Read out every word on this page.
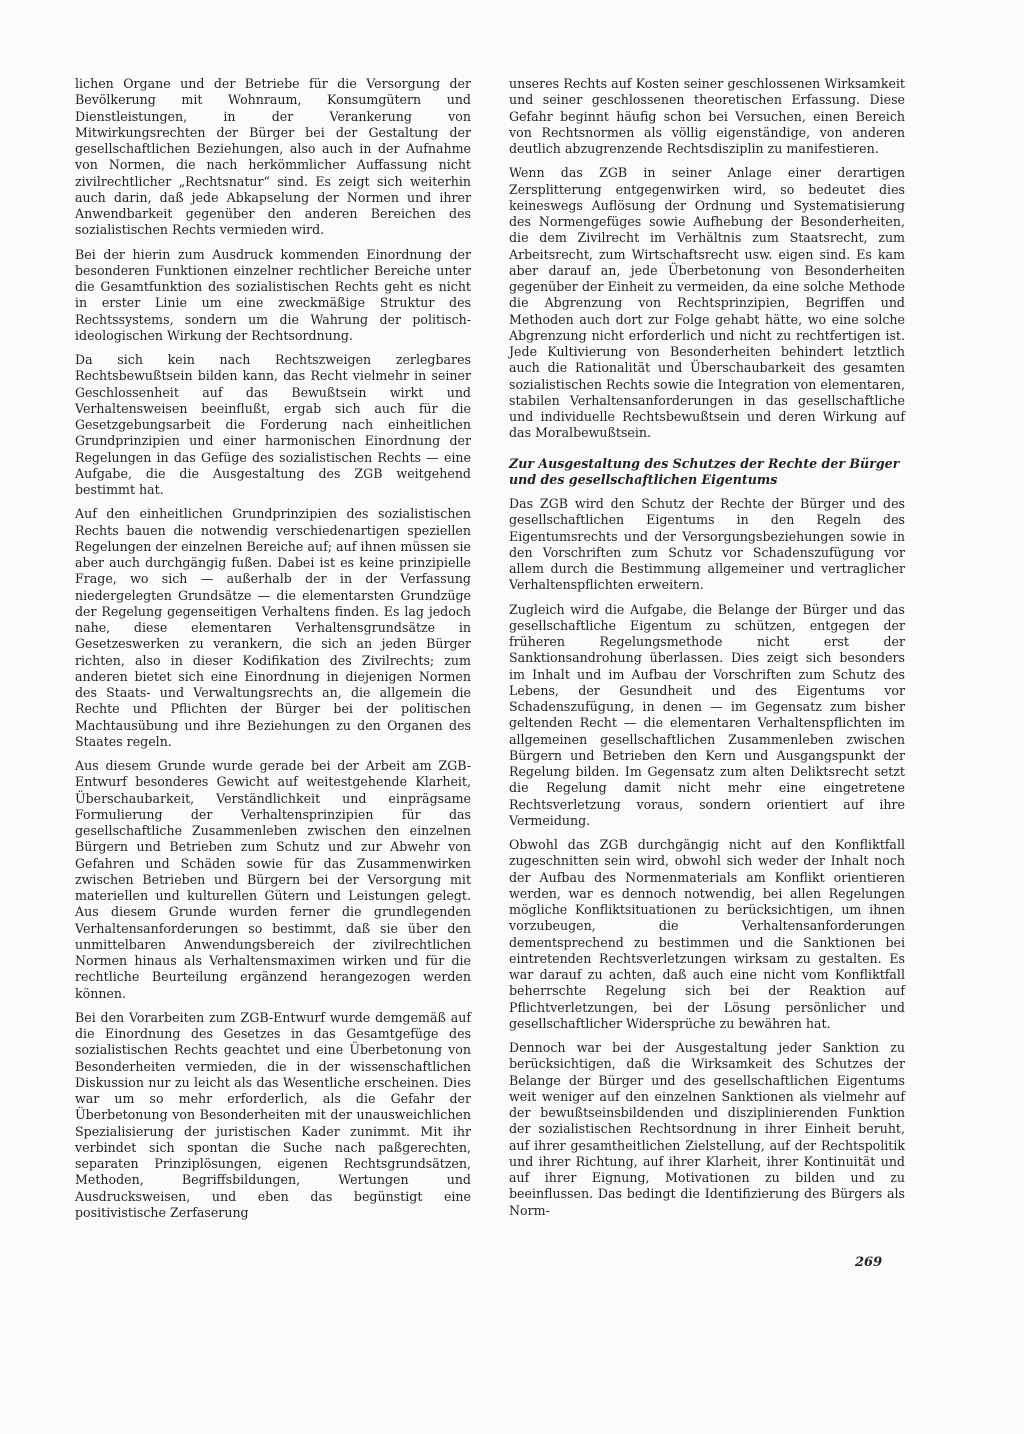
lichen Organe und der Betriebe für die Versorgung der Bevölkerung mit Wohnraum, Konsumgütern und Dienstleistungen, in der Verankerung von Mitwirkungsrechten der Bürger bei der Gestaltung der gesellschaftlichen Beziehungen, also auch in der Aufnahme von Normen, die nach herkömmlicher Auffassung nicht zivilrechtlicher „Rechtsnatur“ sind. Es zeigt sich weiterhin auch darin, daß jede Abkapselung der Normen und ihrer Anwendbarkeit gegenüber den anderen Bereichen des sozialistischen Rechts vermieden wird.

Bei der hierin zum Ausdruck kommenden Einordnung der besonderen Funktionen einzelner rechtlicher Bereiche unter die Gesamtfunktion des sozialistischen Rechts geht es nicht in erster Linie um eine zweckmäßige Struktur des Rechtssystems, sondern um die Wahrung der politisch-ideologischen Wirkung der Rechtsordnung.

Da sich kein nach Rechtszweigen zerlegbares Rechtsbewußtsein bilden kann, das Recht vielmehr in seiner Geschlossenheit auf das Bewußtsein wirkt und Verhaltensweisen beeinflußt, ergab sich auch für die Gesetzgebungsarbeit die Forderung nach einheitlichen Grundprinzipien und einer harmonischen Einordnung der Regelungen in das Gefüge des sozialistischen Rechts — eine Aufgabe, die die Ausgestaltung des ZGB weitgehend bestimmt hat.

Auf den einheitlichen Grundprinzipien des sozialistischen Rechts bauen die notwendig verschiedenartigen speziellen Regelungen der einzelnen Bereiche auf; auf ihnen müssen sie aber auch durchgängig fußen. Dabei ist es keine prinzipielle Frage, wo sich — außerhalb der in der Verfassung niedergelegten Grundsätze — die elementarsten Grundzüge der Regelung gegenseitigen Verhaltens finden. Es lag jedoch nahe, diese elementaren Verhaltensgrundsätze in Gesetzeswerken zu verankern, die sich an jeden Bürger richten, also in dieser Kodifikation des Zivilrechts; zum anderen bietet sich eine Einordnung in diejenigen Normen des Staats- und Verwaltungsrechts an, die allgemein die Rechte und Pflichten der Bürger bei der politischen Machtausübung und ihre Beziehungen zu den Organen des Staates regeln.

Aus diesem Grunde wurde gerade bei der Arbeit am ZGB-Entwurf besonderes Gewicht auf weitestgehende Klarheit, Überschaubarkeit, Verständlichkeit und einprägsame Formulierung der Verhaltensprinzipien für das gesellschaftliche Zusammenleben zwischen den einzelnen Bürgern und Betrieben zum Schutz und zur Abwehr von Gefahren und Schäden sowie für das Zusammenwirken zwischen Betrieben und Bürgern bei der Versorgung mit materiellen und kulturellen Gütern und Leistungen gelegt. Aus diesem Grunde wurden ferner die grundlegenden Verhaltensanforderungen so bestimmt, daß sie über den unmittelbaren Anwendungsbereich der zivilrechtlichen Normen hinaus als Verhaltensmaximen wirken und für die rechtliche Beurteilung ergänzend herangezogen werden können.

Bei den Vorarbeiten zum ZGB-Entwurf wurde demgemäß auf die Einordnung des Gesetzes in das Gesamtgefüge des sozialistischen Rechts geachtet und eine Überbetonung von Besonderheiten vermieden, die in der wissenschaftlichen Diskussion nur zu leicht als das Wesentliche erscheinen. Dies war um so mehr erforderlich, als die Gefahr der Überbetonung von Besonderheiten mit der unausweichlichen Spezialisierung der juristischen Kader zunimmt. Mit ihr verbindet sich spontan die Suche nach paßgerechten, separaten Prinziplösungen, eigenen Rechtsgrundsätzen, Methoden, Begriffsbildungen, Wertungen und Ausdrucksweisen, und eben das begünstigt eine positivistische Zerfaserung

unseres Rechts auf Kosten seiner geschlossenen Wirksamkeit und seiner geschlossenen theoretischen Erfassung. Diese Gefahr beginnt häufig schon bei Versuchen, einen Bereich von Rechtsnormen als völlig eigenständige, von anderen deutlich abzugrenzende Rechtsdisziplin zu manifestieren.

Wenn das ZGB in seiner Anlage einer derartigen Zersplitterung entgegenwirken wird, so bedeutet dies keineswegs Auflösung der Ordnung und Systematisierung des Normengefüges sowie Aufhebung der Besonderheiten, die dem Zivilrecht im Verhältnis zum Staatsrecht, zum Arbeitsrecht, zum Wirtschaftsrecht usw. eigen sind. Es kam aber darauf an, jede Überbetonung von Besonderheiten gegenüber der Einheit zu vermeiden, da eine solche Methode die Abgrenzung von Rechtsprinzipien, Begriffen und Methoden auch dort zur Folge gehabt hätte, wo eine solche Abgrenzung nicht erforderlich und nicht zu rechtfertigen ist. Jede Kultivierung von Besonderheiten behindert letztlich auch die Rationalität und Überschaubarkeit des gesamten sozialistischen Rechts sowie die Integration von elementaren, stabilen Verhaltensanforderungen in das gesellschaftliche und individuelle Rechtsbewußtsein und deren Wirkung auf das Moralbewußtsein.

Zur Ausgestaltung des Schutzes der Rechte der Bürger und des gesellschaftlichen Eigentums

Das ZGB wird den Schutz der Rechte der Bürger und des gesellschaftlichen Eigentums in den Regeln des Eigentumsrechts und der Versorgungsbeziehungen sowie in den Vorschriften zum Schutz vor Schadenszufügung vor allem durch die Bestimmung allgemeiner und vertraglicher Verhaltenspflichten erweitern.

Zugleich wird die Aufgabe, die Belange der Bürger und das gesellschaftliche Eigentum zu schützen, entgegen der früheren Regelungsmethode nicht erst der Sanktionsandrohung überlassen. Dies zeigt sich besonders im Inhalt und im Aufbau der Vorschriften zum Schutz des Lebens, der Gesundheit und des Eigentums vor Schadenszufügung, in denen — im Gegensatz zum bisher geltenden Recht — die elementaren Verhaltenspflichten im allgemeinen gesellschaftlichen Zusammenleben zwischen Bürgern und Betrieben den Kern und Ausgangspunkt der Regelung bilden. Im Gegensatz zum alten Deliktsrecht setzt die Regelung damit nicht mehr eine eingetretene Rechtsverletzung voraus, sondern orientiert auf ihre Vermeidung.

Obwohl das ZGB durchgängig nicht auf den Konfliktfall zugeschnitten sein wird, obwohl sich weder der Inhalt noch der Aufbau des Normenmaterials am Konflikt orientieren werden, war es dennoch notwendig, bei allen Regelungen mögliche Konfliktsituationen zu berücksichtigen, um ihnen vorzubeugen, die Verhaltensanforderungen dementsprechend zu bestimmen und die Sanktionen bei eintretenden Rechtsverletzungen wirksam zu gestalten. Es war darauf zu achten, daß auch eine nicht vom Konfliktfall beherrschte Regelung sich bei der Reaktion auf Pflichtverletzungen, bei der Lösung persönlicher und gesellschaftlicher Widersprüche zu bewähren hat.

Dennoch war bei der Ausgestaltung jeder Sanktion zu berücksichtigen, daß die Wirksamkeit des Schutzes der Belange der Bürger und des gesellschaftlichen Eigentums weit weniger auf den einzelnen Sanktionen als vielmehr auf der bewußtseinsbildenden und disziplinierenden Funktion der sozialistischen Rechtsordnung in ihrer Einheit beruht, auf ihrer gesamtheitlichen Zielstellung, auf der Rechtspolitik und ihrer Richtung, auf ihrer Klarheit, ihrer Kontinuität und auf ihrer Eignung, Motivationen zu bilden und zu beeinflussen. Das bedingt die Identifizierung des Bürgers als Norm-

269
